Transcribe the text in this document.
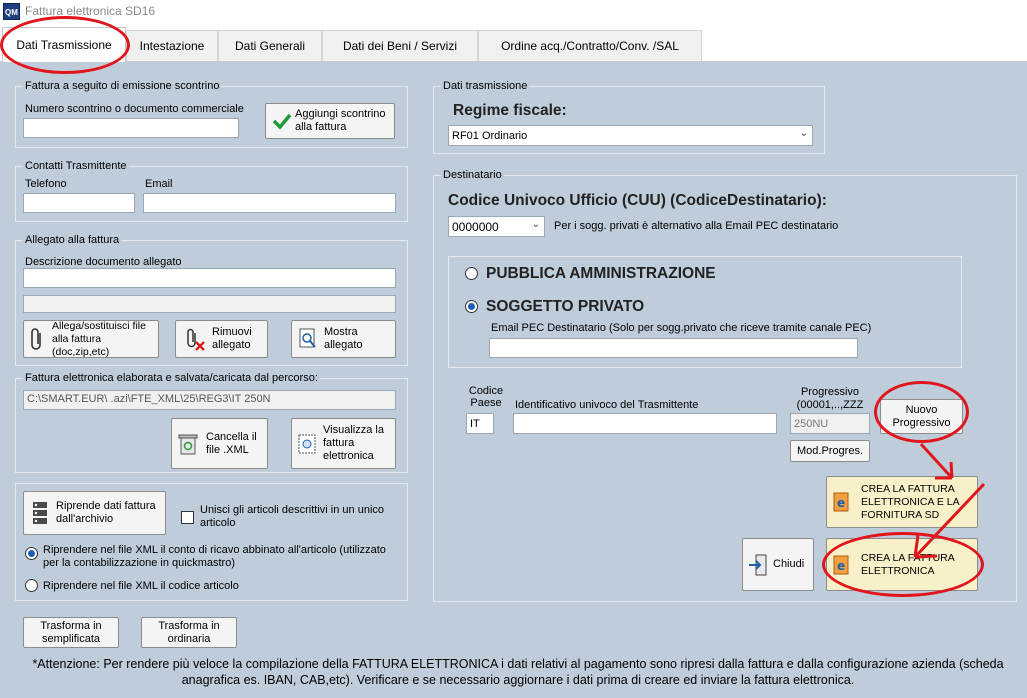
QM Fattura elettronica SD16
Dati Trasmissione	Intestazione	Dati Generali	Dati dei Beni / Servizi	Ordine acq./Contratto/Conv. /SAL
Fattura a seguito di emissione scontrino
Numero scontrino o documento commerciale	Aggiungi scontrino alla fattura
Contatti Trasmittente
Telefono	Email
Allegato alla fattura
Descrizione documento allegato
Allega/sostituisci file alla fattura (doc,zip,etc)
Rimuovi allegato
Mostra allegato
Fattura elettronica elaborata e salvata/caricata dal percorso:
C:\SMART.EUR\ .azi\FTE_XML\25\REG3\IT 250N
Cancella il file .XML
Visualizza la fattura elettronica
Riprende dati fattura dall'archivio
Unisci gli articoli descrittivi in un unico articolo
Riprendere nel file XML il conto di ricavo abbinato all'articolo (utilizzato per la contabilizzazione in quickmastro)
Riprendere nel file XML il codice articolo
Trasforma in semplificata
Trasforma in ordinaria
*Attenzione: Per rendere più veloce la compilazione della FATTURA ELETTRONICA i dati relativi al pagamento sono ripresi dalla fattura e dalla configurazione azienda (scheda anagrafica es. IBAN, CAB,etc). Verificare e se necessario aggiornare i dati prima di creare ed inviare la fattura elettronica.
Dati trasmissione
Regime fiscale:
RF01 Ordinario	⌄
Destinatario
Codice Univoco Ufficio (CUU) (CodiceDestinatario):
0000000	⌄ Per i sogg. privati è alternativo alla Email PEC destinatario
PUBBLICA AMMINISTRAZIONE
SOGGETTO PRIVATO
Email PEC Destinatario (Solo per sogg.privato che riceve tramite canale PEC)
Codice Paese
IT
Identificativo univoco del Trasmittente
Progressivo (00001,..,ZZZ
250NU
Nuovo Progressivo
Mod.Progres.
e
CREA LA FATTURA ELETTRONICA E LA FORNITURA SD
Chiudi	e
CREA LA FATTURA ELETTRONICA
